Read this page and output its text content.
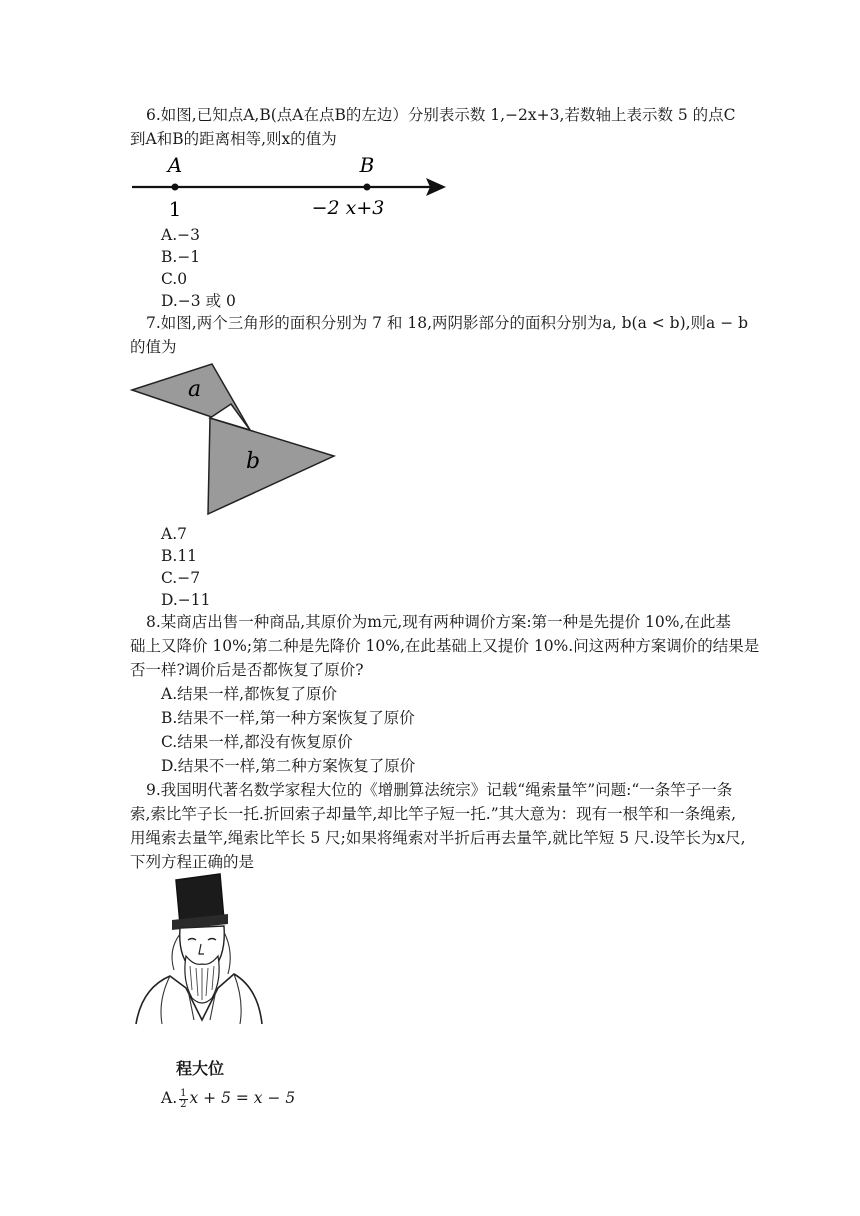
6.如图,已知点A,B(点A在点B的左边）分别表示数 1,−2x+3,若数轴上表示数 5 的点C
到A和B的距离相等,则x的值为
A	B
1	−2 x+3
A.−3
B.−1
C.0
D.−3 或 0
7.如图,两个三角形的面积分别为 7 和 18,两阴影部分的面积分别为a, b(a < b),则a − b
的值为
a
b
A.7
B.11
C.−7
D.−11
8.某商店出售一种商品,其原价为m元,现有两种调价方案:第一种是先提价 10%,在此基
础上又降价 10%;第二种是先降价 10%,在此基础上又提价 10%.问这两种方案调价的结果是
否一样?调价后是否都恢复了原价?
A.结果一样,都恢复了原价
B.结果不一样,第一种方案恢复了原价
C.结果一样,都没有恢复原价
D.结果不一样,第二种方案恢复了原价
9.我国明代著名数学家程大位的《增删算法统宗》记载“绳索量竿”问题:“一条竿子一条
索,索比竿子长一托.折回索子却量竿,却比竿子短一托.”其大意为：现有一根竿和一条绳索,
用绳索去量竿,绳索比竿长 5 尺;如果将绳索对半折后再去量竿,就比竿短 5 尺.设竿长为x尺,
下列方程正确的是
程大位
A. $\frac{1}{2}$ x + 5 = x − 5
